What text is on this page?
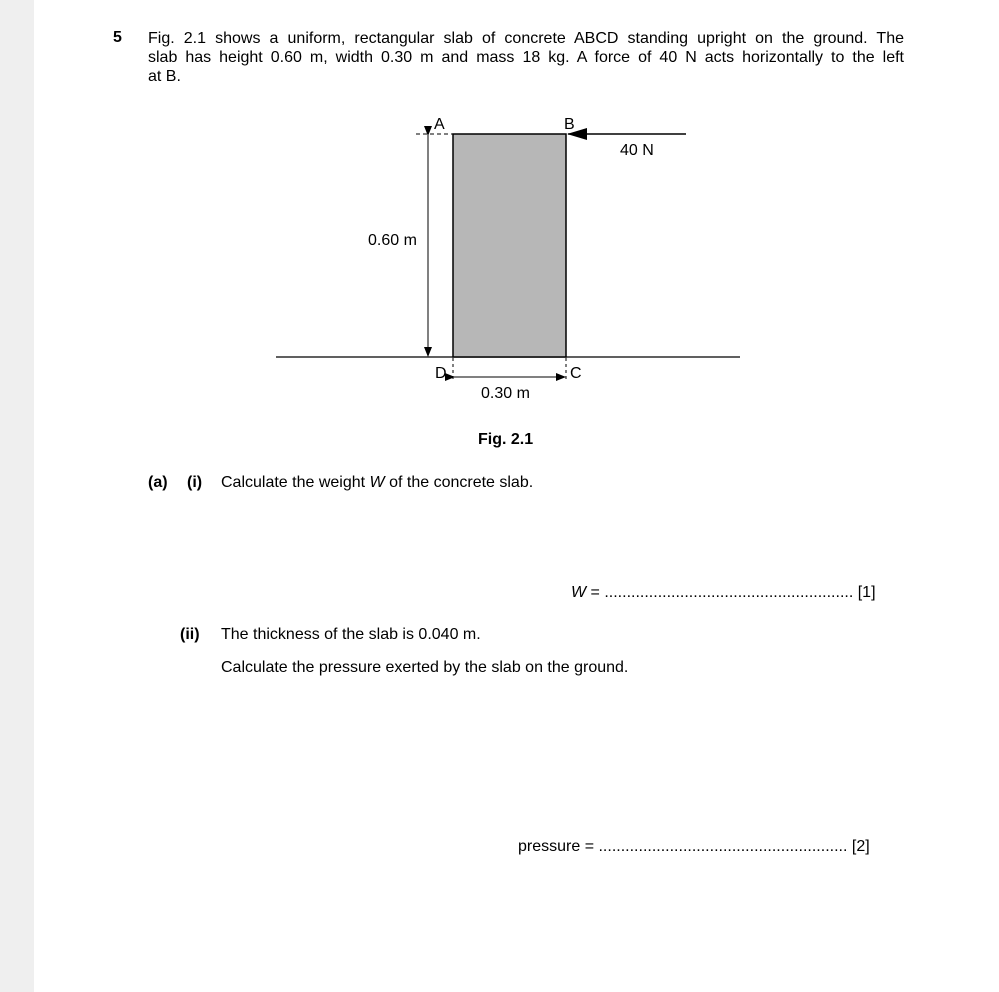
5 Fig. 2.1 shows a uniform, rectangular slab of concrete ABCD standing upright on the ground. The
slab has height 0.60 m, width 0.30 m and mass 18 kg. A force of 40 N acts horizontally to the left
at B.
A	B
D	C
0.60 m
0.30 m
40 N
Fig. 2.1
(a) (i) Calculate the weight W of the concrete slab.
W = ........................................................ [1]
(ii) The thickness of the slab is 0.040 m.
Calculate the pressure exerted by the slab on the ground.
pressure = ........................................................ [2]
